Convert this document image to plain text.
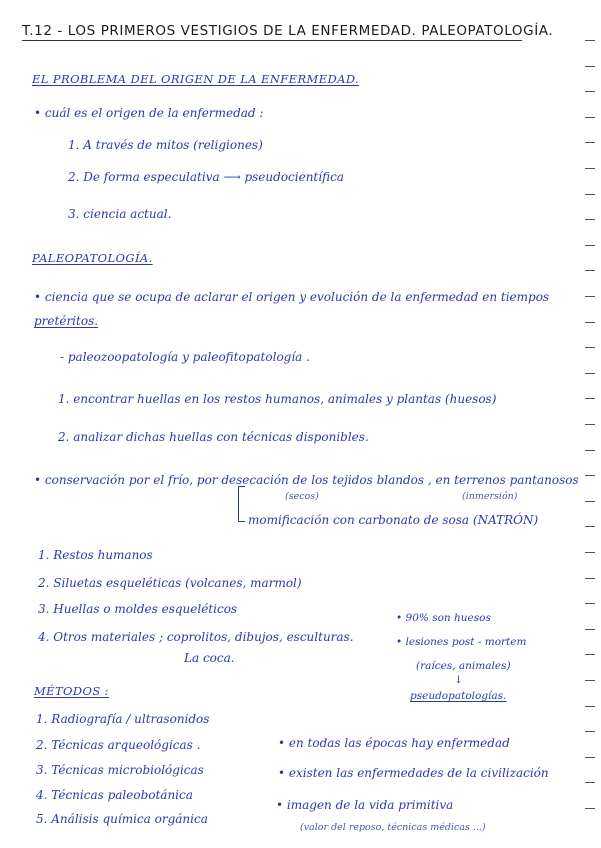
T.12 - LOS PRIMEROS VESTIGIOS DE LA ENFERMEDAD. PALEOPATOLOGÍA.
EL PROBLEMA DEL ORIGEN DE LA ENFERMEDAD.
• cuál es el origen de la enfermedad :
1. A través de mitos (religiones)
2. De forma especulativa ⟶ pseudocientífica
3. ciencia actual.
PALEOPATOLOGÍA.
• ciencia que se ocupa de aclarar el origen y evolución de la enfermedad en tiempos
pretéritos.
- paleozoopatología y paleofitopatología .
1. encontrar huellas en los restos humanos, animales y plantas (huesos)
2. analizar dichas huellas con técnicas disponibles.
• conservación por el frío, por desecación de los tejidos blandos , en terrenos pantanosos
(secos)	(inmersión)
momificación con carbonato de sosa (NATRÓN)
1. Restos humanos
2. Siluetas esqueléticas (volcanes, marmol)
3. Huellas o moldes esqueléticos
4. Otros materiales ; coprolitos, dibujos, esculturas.
La coca.
• 90% son huesos
• lesiones post - mortem
(raíces, animales)
↓
pseudopatologías.
MÉTODOS :
1. Radiografía / ultrasonidos
2. Técnicas arqueológicas .
3. Técnicas microbiológicas
4. Técnicas paleobotánica
5. Análisis química orgánica
• en todas las épocas hay enfermedad
• existen las enfermedades de la civilización
• imagen de la vida primitiva
(valor del reposo, técnicas médicas ...)
